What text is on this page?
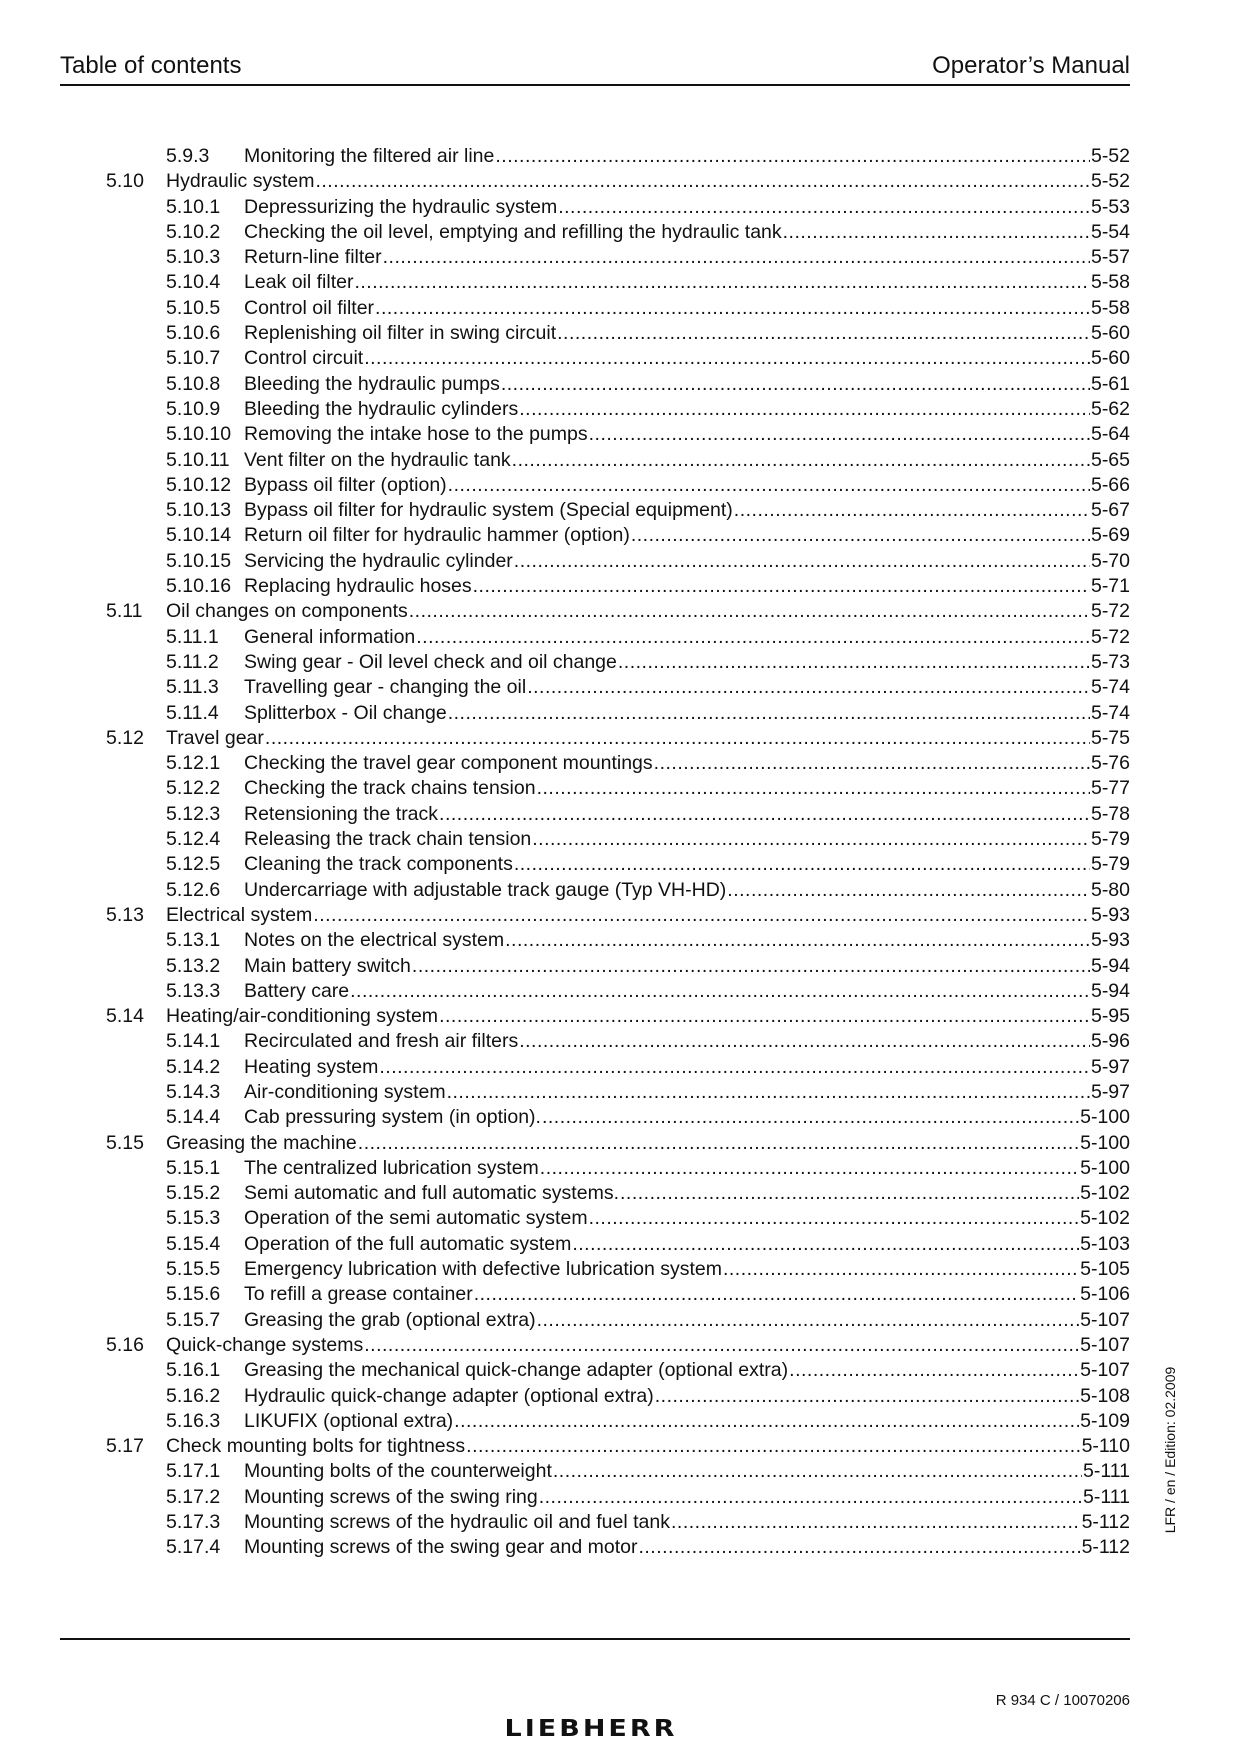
Table of contents	Operator’s Manual
5.9.3 Monitoring the filtered air line .....	5-52
5.10 Hydraulic system .....	5-52
5.10.1 Depressurizing the hydraulic system .....	5-53
5.10.2 Checking the oil level, emptying and refilling the hydraulic tank .....	5-54
5.10.3 Return-line filter .....	5-57
5.10.4 Leak oil filter .....	5-58
5.10.5 Control oil filter .....	5-58
5.10.6 Replenishing oil filter in swing circuit .....	5-60
5.10.7 Control circuit .....	5-60
5.10.8 Bleeding the hydraulic pumps .....	5-61
5.10.9 Bleeding the hydraulic cylinders .....	5-62
5.10.10 Removing the intake hose to the pumps .....	5-64
5.10.11 Vent filter on the hydraulic tank .....	5-65
5.10.12 Bypass oil filter (option) .....	5-66
5.10.13 Bypass oil filter for hydraulic system (Special equipment) .....	5-67
5.10.14 Return oil filter for hydraulic hammer (option) .....	5-69
5.10.15 Servicing the hydraulic cylinder .....	5-70
5.10.16 Replacing hydraulic hoses .....	5-71
5.11 Oil changes on components .....	5-72
5.11.1 General information .....	5-72
5.11.2 Swing gear - Oil level check and oil change .....	5-73
5.11.3 Travelling gear - changing the oil .....	5-74
5.11.4 Splitterbox - Oil change .....	5-74
5.12 Travel gear .....	5-75
5.12.1 Checking the travel gear component mountings .....	5-76
5.12.2 Checking the track chains tension .....	5-77
5.12.3 Retensioning the track .....	5-78
5.12.4 Releasing the track chain tension .....	5-79
5.12.5 Cleaning the track components .....	5-79
5.12.6 Undercarriage with adjustable track gauge (Typ VH-HD) .....	5-80
5.13 Electrical system .....	5-93
5.13.1 Notes on the electrical system .....	5-93
5.13.2 Main battery switch .....	5-94
5.13.3 Battery care .....	5-94
5.14 Heating/air-conditioning system .....	5-95
5.14.1 Recirculated and fresh air filters .....	5-96
5.14.2 Heating system .....	5-97
5.14.3 Air-conditioning system .....	5-97
5.14.4 Cab pressuring system (in option). .....	5-100
5.15 Greasing the machine .....	5-100
5.15.1 The centralized lubrication system .....	5-100
5.15.2 Semi automatic and full automatic systems. .....	5-102
5.15.3 Operation of the semi automatic system .....	5-102
5.15.4 Operation of the full automatic system .....	5-103
5.15.5 Emergency lubrication with defective lubrication system .....	5-105
5.15.6 To refill a grease container .....	5-106
5.15.7 Greasing the grab (optional extra) .....	5-107
5.16 Quick-change systems .....	5-107
5.16.1 Greasing the mechanical quick-change adapter (optional extra) .....	5-107
5.16.2 Hydraulic quick-change adapter (optional extra) .....	5-108
5.16.3 LIKUFIX (optional extra) .....	5-109
5.17 Check mounting bolts for tightness .....	5-110
5.17.1 Mounting bolts of the counterweight .....	5-111
5.17.2 Mounting screws of the swing ring .....	5-111
5.17.3 Mounting screws of the hydraulic oil and fuel tank .....	5-112
5.17.4 Mounting screws of the swing gear and motor .....	5-112
LFR / en / Edition: 02.2009
R 934 C / 10070206
LIEBHERR
